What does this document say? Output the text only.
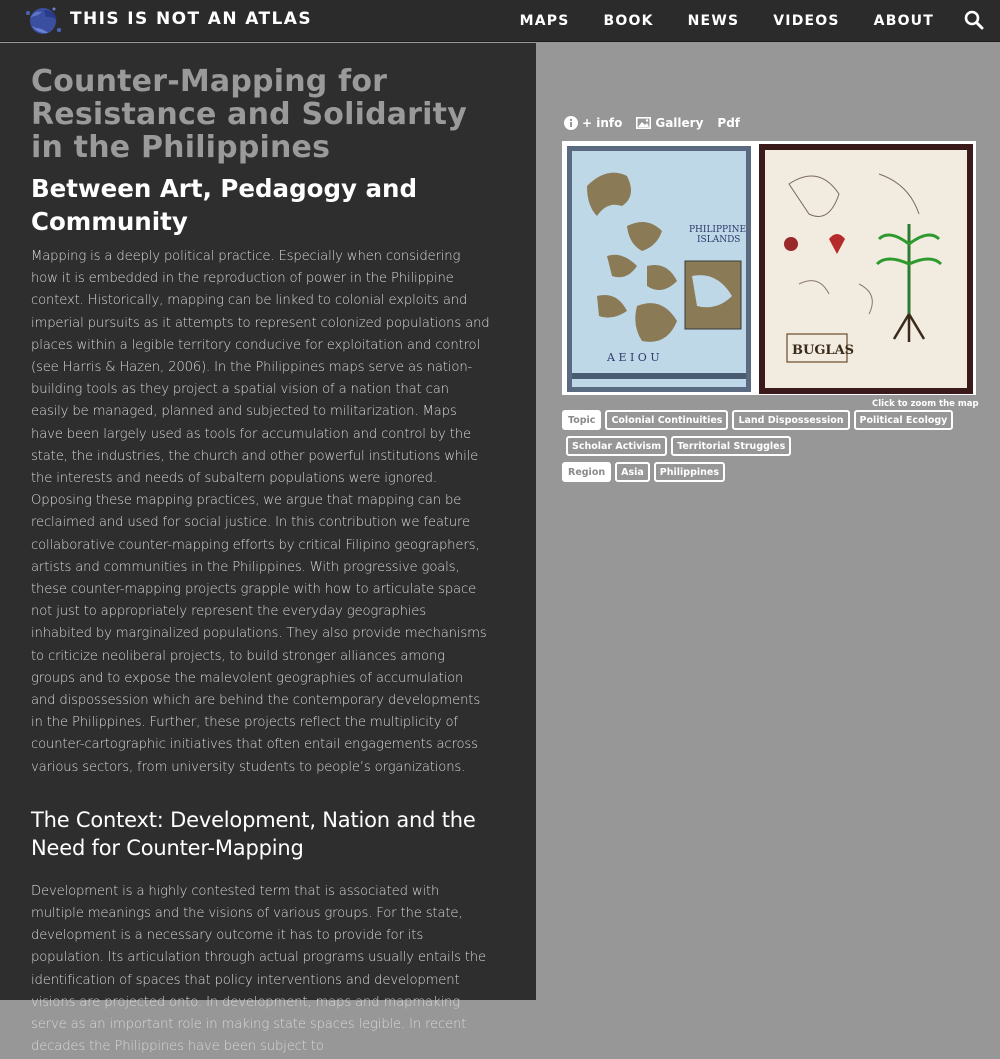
THIS IS NOT AN ATLAS	MAPS BOOK NEWS VIDEOS ABOUT
Counter-Mapping for Resistance and Solidarity in the Philippines
Between Art, Pedagogy and Community

Mapping is a deeply political practice. Especially when considering how it is embedded in the reproduction of power in the Philippine context. Historically, mapping can be linked to colonial exploits and imperial pursuits as it attempts to represent colonized populations and places within a legible territory conducive for exploitation and control (see Harris & Hazen, 2006). In the Philippines maps serve as nation-building tools as they project a spatial vision of a nation that can easily be managed, planned and subjected to militarization. Maps have been largely used as tools for accumulation and control by the state, the industries, the church and other powerful institutions while the interests and needs of subaltern populations were ignored. Opposing these mapping practices, we argue that mapping can be reclaimed and used for social justice. In this contribution we feature collaborative counter-mapping efforts by critical Filipino geographers, artists and communities in the Philippines. With progressive goals, these counter-mapping projects grapple with how to articulate space not just to appropriately represent the everyday geographies inhabited by marginalized populations. They also provide mechanisms to criticize neoliberal projects, to build stronger alliances among groups and to expose the malevolent geographies of accumulation and dispossession which are behind the contemporary developments in the Philippines. Further, these projects reflect the multiplicity of counter-cartographic initiatives that often entail engagements across various sectors, from university students to people’s organizations.

The Context: Development, Nation and the Need for Counter-Mapping

Development is a highly contested term that is associated with multiple meanings and the visions of various groups. For the state, development is a necessary outcome it has to provide for its population. Its articulation through actual programs usually entails the identification of spaces that policy interventions and development visions are projected onto. In development, maps and mapmaking serve as an important role in making state spaces legible. In recent decades the Philippines have been subject to

+ info	Gallery Pdf
PHILIPPINE
ISLANDS
A E I O U	BUGLAS
Click to zoom the map
Topic	Colonial Continuities	Land Dispossession	Political Ecology
Scholar Activism	Territorial Struggles
Region	Asia	Philippines
